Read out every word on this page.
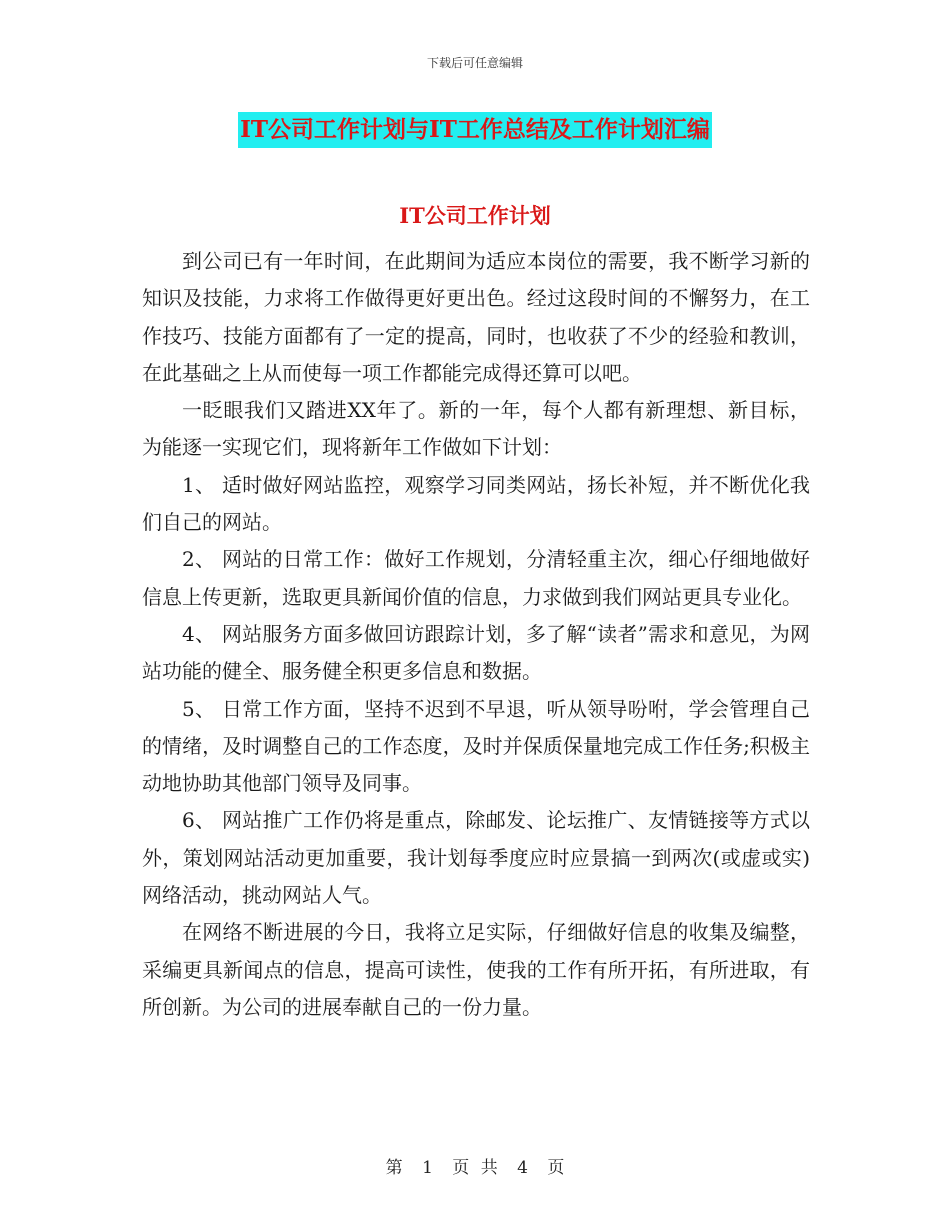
下载后可任意编辑
IT公司工作计划与IT工作总结及工作计划汇编
IT公司工作计划

到公司已有一年时间，在此期间为适应本岗位的需要，我不断学习新的知识及技能，力求将工作做得更好更出色。经过这段时间的不懈努力，在工作技巧、技能方面都有了一定的提高，同时，也收获了不少的经验和教训，在此基础之上从而使每一项工作都能完成得还算可以吧。

一眨眼我们又踏进XX年了。新的一年，每个人都有新理想、新目标，为能逐一实现它们，现将新年工作做如下计划：

1、 适时做好网站监控，观察学习同类网站，扬长补短，并不断优化我们自己的网站。

2、 网站的日常工作：做好工作规划，分清轻重主次，细心仔细地做好信息上传更新，选取更具新闻价值的信息，力求做到我们网站更具专业化。

4、 网站服务方面多做回访跟踪计划，多了解“读者”需求和意见，为网站功能的健全、服务健全积更多信息和数据。

5、 日常工作方面，坚持不迟到不早退，听从领导吩咐，学会管理自己的情绪，及时调整自己的工作态度，及时并保质保量地完成工作任务;积极主动地协助其他部门领导及同事。

6、 网站推广工作仍将是重点，除邮发、论坛推广、友情链接等方式以外，策划网站活动更加重要，我计划每季度应时应景搞一到两次(或虚或实)网络活动，挑动网站人气。

在网络不断进展的今日，我将立足实际，仔细做好信息的收集及编整，采编更具新闻点的信息，提高可读性，使我的工作有所开拓，有所进取，有所创新。为公司的进展奉献自己的一份力量。

第 1 页 共 4 页
